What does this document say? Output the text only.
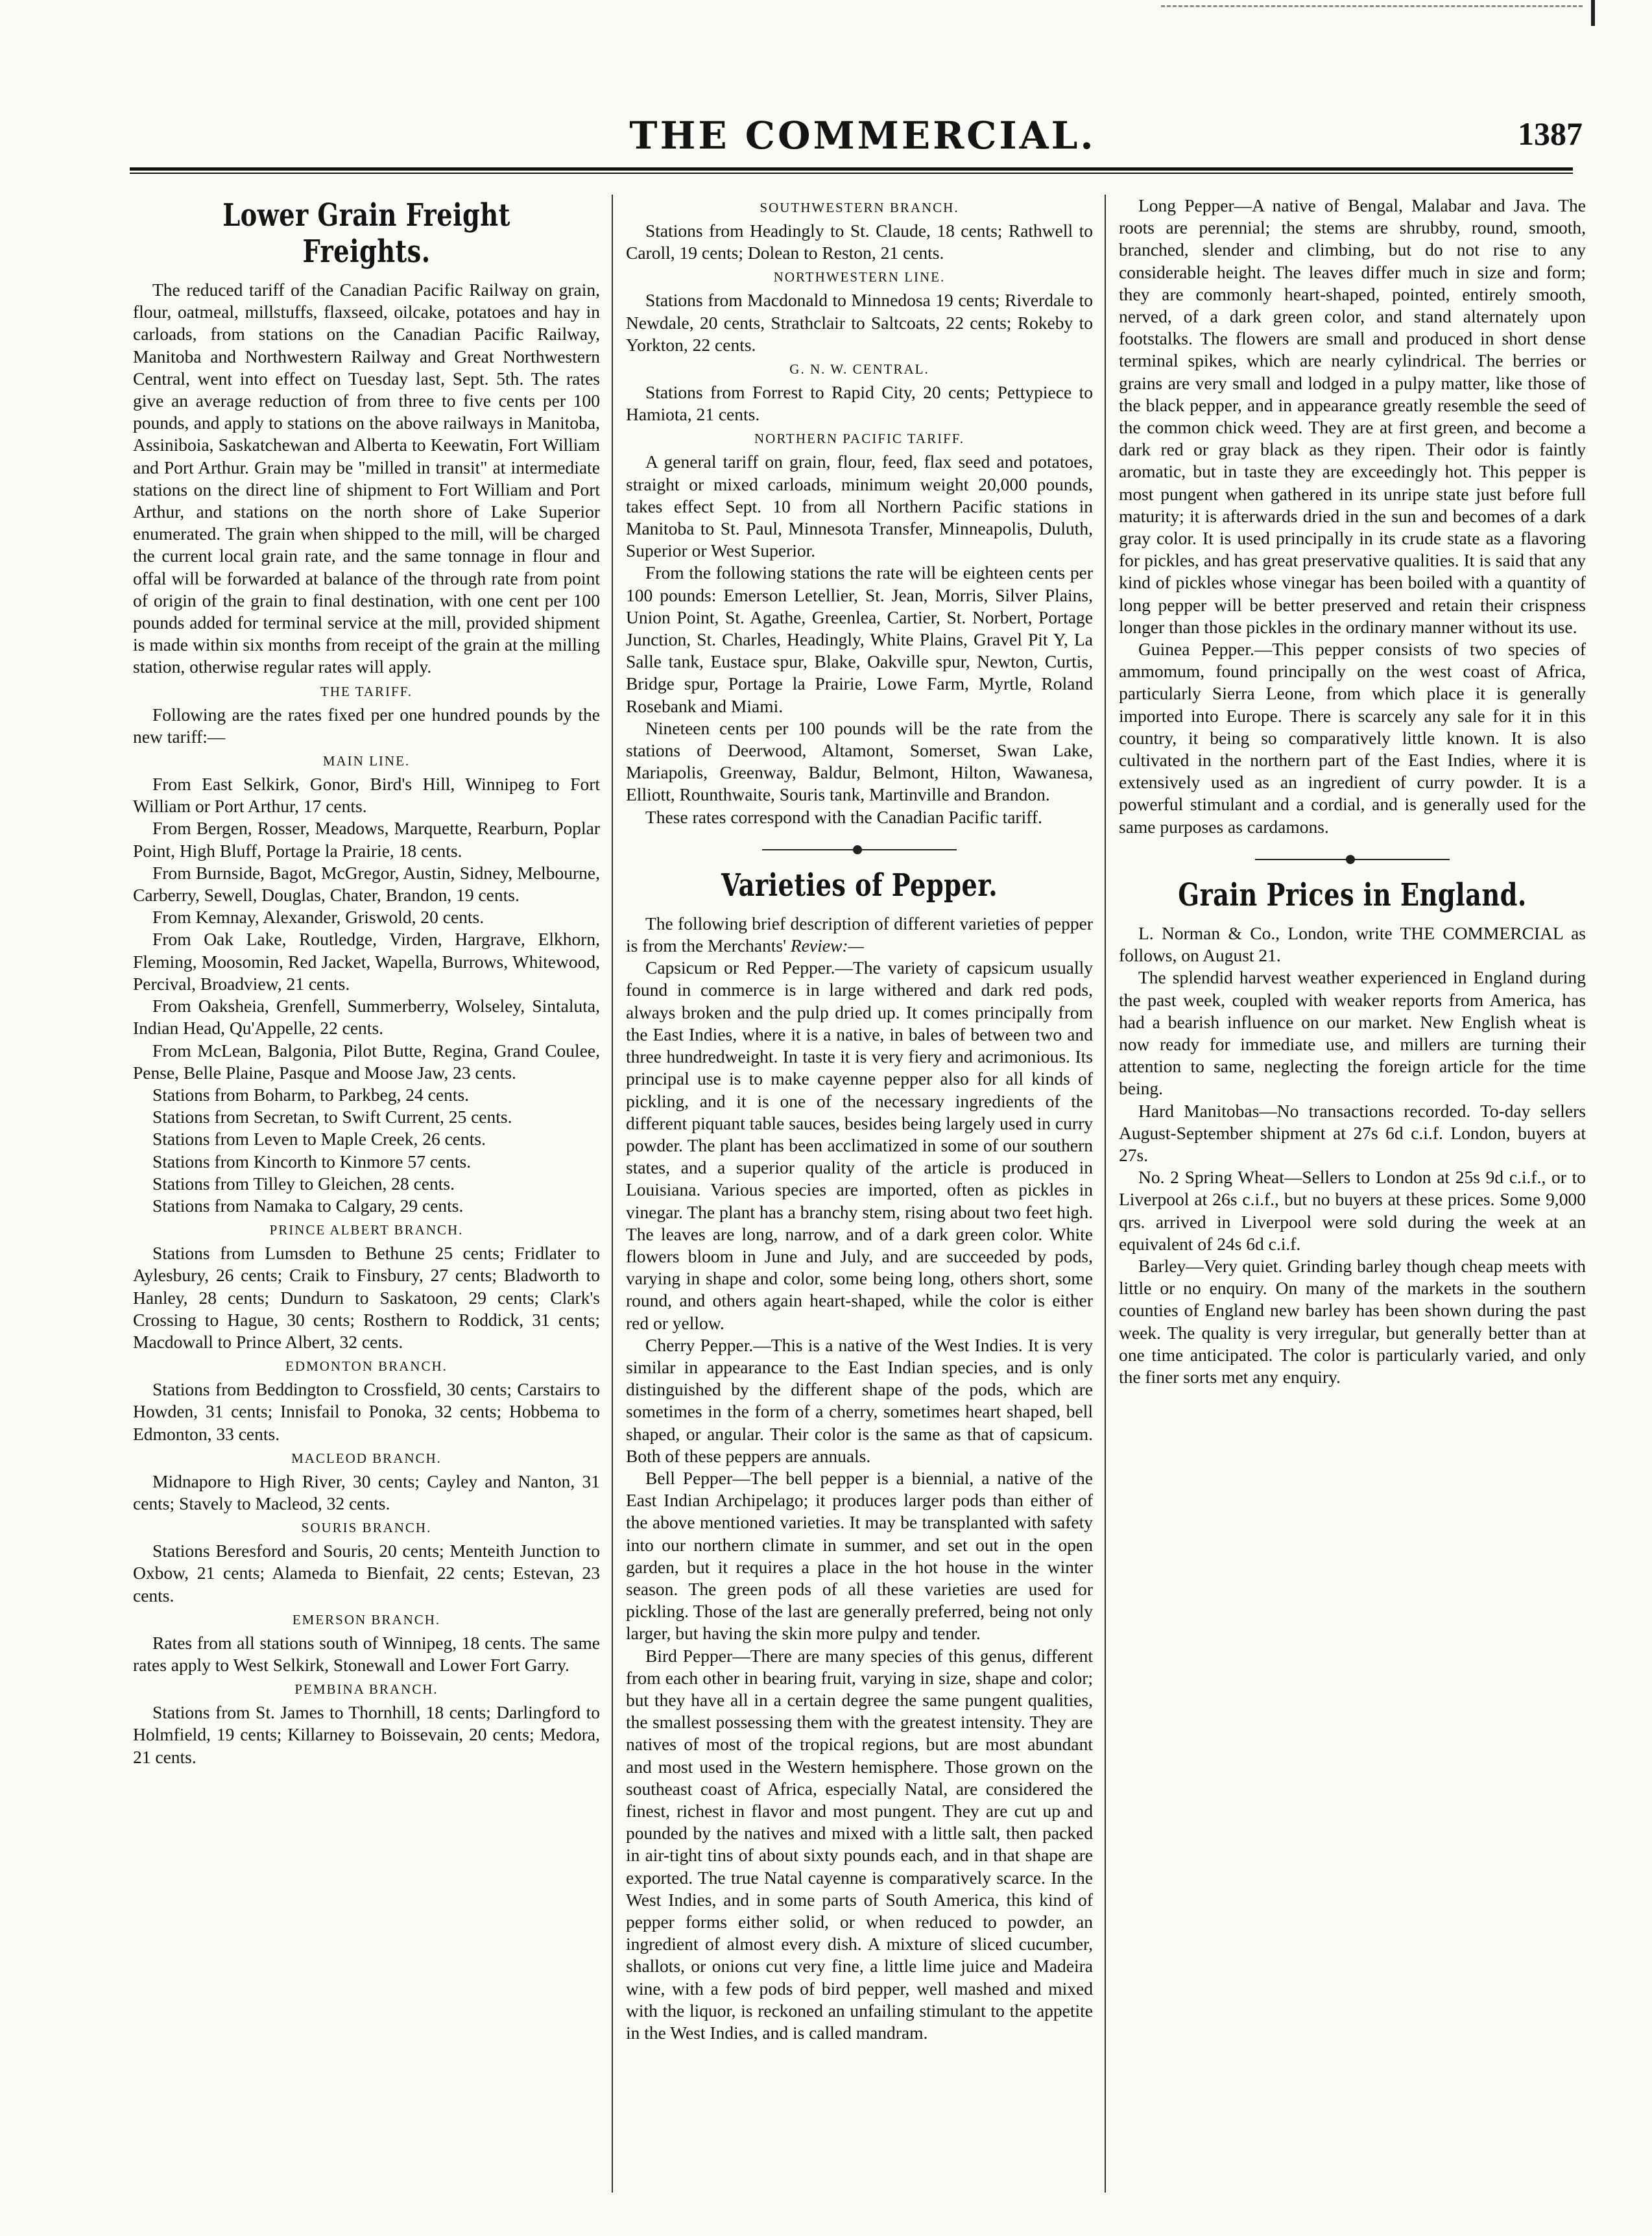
THE COMMERCIAL.	1387
Lower Grain Freight Freights.

The reduced tariff of the Canadian Pacific Railway on grain, flour, oatmeal, millstuffs, flaxseed, oilcake, potatoes and hay in carloads, from stations on the Canadian Pacific Railway, Manitoba and Northwestern Railway and Great Northwestern Central, went into effect on Tuesday last, Sept. 5th. The rates give an average reduction of from three to five cents per 100 pounds, and apply to stations on the above railways in Manitoba, Assiniboia, Saskatchewan and Alberta to Keewatin, Fort William and Port Arthur. Grain may be "milled in transit" at intermediate stations on the direct line of shipment to Fort William and Port Arthur, and stations on the north shore of Lake Superior enumerated. The grain when shipped to the mill, will be charged the current local grain rate, and the same tonnage in flour and offal will be forwarded at balance of the through rate from point of origin of the grain to final destination, with one cent per 100 pounds added for terminal service at the mill, provided shipment is made within six months from receipt of the grain at the milling station, otherwise regular rates will apply.

THE TARIFF.

Following are the rates fixed per one hundred pounds by the new tariff:—

MAIN LINE.

From East Selkirk, Gonor, Bird's Hill, Winnipeg to Fort William or Port Arthur, 17 cents.

From Bergen, Rosser, Meadows, Marquette, Rearburn, Poplar Point, High Bluff, Portage la Prairie, 18 cents.

From Burnside, Bagot, McGregor, Austin, Sidney, Melbourne, Carberry, Sewell, Douglas, Chater, Brandon, 19 cents.

From Kemnay, Alexander, Griswold, 20 cents.

From Oak Lake, Routledge, Virden, Hargrave, Elkhorn, Fleming, Moosomin, Red Jacket, Wapella, Burrows, Whitewood, Percival, Broadview, 21 cents.

From Oaksheia, Grenfell, Summerberry, Wolseley, Sintaluta, Indian Head, Qu'Appelle, 22 cents.

From McLean, Balgonia, Pilot Butte, Regina, Grand Coulee, Pense, Belle Plaine, Pasque and Moose Jaw, 23 cents.

Stations from Boharm, to Parkbeg, 24 cents.

Stations from Secretan, to Swift Current, 25 cents.

Stations from Leven to Maple Creek, 26 cents.

Stations from Kincorth to Kinmore 57 cents.

Stations from Tilley to Gleichen, 28 cents.

Stations from Namaka to Calgary, 29 cents.

PRINCE ALBERT BRANCH.

Stations from Lumsden to Bethune 25 cents; Fridlater to Aylesbury, 26 cents; Craik to Finsbury, 27 cents; Bladworth to Hanley, 28 cents; Dundurn to Saskatoon, 29 cents; Clark's Crossing to Hague, 30 cents; Rosthern to Roddick, 31 cents; Macdowall to Prince Albert, 32 cents.

EDMONTON BRANCH.

Stations from Beddington to Crossfield, 30 cents; Carstairs to Howden, 31 cents; Innisfail to Ponoka, 32 cents; Hobbema to Edmonton, 33 cents.

MACLEOD BRANCH.

Midnapore to High River, 30 cents; Cayley and Nanton, 31 cents; Stavely to Macleod, 32 cents.

SOURIS BRANCH.

Stations Beresford and Souris, 20 cents; Menteith Junction to Oxbow, 21 cents; Alameda to Bienfait, 22 cents; Estevan, 23 cents.

EMERSON BRANCH.

Rates from all stations south of Winnipeg, 18 cents. The same rates apply to West Selkirk, Stonewall and Lower Fort Garry.

PEMBINA BRANCH.

Stations from St. James to Thornhill, 18 cents; Darlingford to Holmfield, 19 cents; Killarney to Boissevain, 20 cents; Medora, 21 cents.

SOUTHWESTERN BRANCH.

Stations from Headingly to St. Claude, 18 cents; Rathwell to Caroll, 19 cents; Dolean to Reston, 21 cents.

NORTHWESTERN LINE.

Stations from Macdonald to Minnedosa 19 cents; Riverdale to Newdale, 20 cents, Strathclair to Saltcoats, 22 cents; Rokeby to Yorkton, 22 cents.

G. N. W. CENTRAL.

Stations from Forrest to Rapid City, 20 cents; Pettypiece to Hamiota, 21 cents.

NORTHERN PACIFIC TARIFF.

A general tariff on grain, flour, feed, flax seed and potatoes, straight or mixed carloads, minimum weight 20,000 pounds, takes effect Sept. 10 from all Northern Pacific stations in Manitoba to St. Paul, Minnesota Transfer, Minneapolis, Duluth, Superior or West Superior.

From the following stations the rate will be eighteen cents per 100 pounds: Emerson Letellier, St. Jean, Morris, Silver Plains, Union Point, St. Agathe, Greenlea, Cartier, St. Norbert, Portage Junction, St. Charles, Headingly, White Plains, Gravel Pit Y, La Salle tank, Eustace spur, Blake, Oakville spur, Newton, Curtis, Bridge spur, Portage la Prairie, Lowe Farm, Myrtle, Roland Rosebank and Miami.

Nineteen cents per 100 pounds will be the rate from the stations of Deerwood, Altamont, Somerset, Swan Lake, Mariapolis, Greenway, Baldur, Belmont, Hilton, Wawanesa, Elliott, Rounthwaite, Souris tank, Martinville and Brandon.

These rates correspond with the Canadian Pacific tariff.

Varieties of Pepper.

The following brief description of different varieties of pepper is from the Merchants' Review:—

Capsicum or Red Pepper.—The variety of capsicum usually found in commerce is in large withered and dark red pods, always broken and the pulp dried up. It comes principally from the East Indies, where it is a native, in bales of between two and three hundredweight. In taste it is very fiery and acrimonious. Its principal use is to make cayenne pepper also for all kinds of pickling, and it is one of the necessary ingredients of the different piquant table sauces, besides being largely used in curry powder. The plant has been acclimatized in some of our southern states, and a superior quality of the article is produced in Louisiana. Various species are imported, often as pickles in vinegar. The plant has a branchy stem, rising about two feet high. The leaves are long, narrow, and of a dark green color. White flowers bloom in June and July, and are succeeded by pods, varying in shape and color, some being long, others short, some round, and others again heart-shaped, while the color is either red or yellow.

Cherry Pepper.—This is a native of the West Indies. It is very similar in appearance to the East Indian species, and is only distinguished by the different shape of the pods, which are sometimes in the form of a cherry, sometimes heart shaped, bell shaped, or angular. Their color is the same as that of capsicum. Both of these peppers are annuals.

Bell Pepper—The bell pepper is a biennial, a native of the East Indian Archipelago; it produces larger pods than either of the above mentioned varieties. It may be transplanted with safety into our northern climate in summer, and set out in the open garden, but it requires a place in the hot house in the winter season. The green pods of all these varieties are used for pickling. Those of the last are generally preferred, being not only larger, but having the skin more pulpy and tender.

Bird Pepper—There are many species of this genus, different from each other in bearing fruit, varying in size, shape and color; but they have all in a certain degree the same pungent qualities, the smallest possessing them with the greatest intensity. They are natives of most of the tropical regions, but are most abundant and most used in the Western hemisphere. Those grown on the southeast coast of Africa, especially Natal, are considered the finest, richest in flavor and most pungent. They are cut up and pounded by the natives and mixed with a little salt, then packed in air-tight tins of about sixty pounds each, and in that shape are exported. The true Natal cayenne is comparatively scarce. In the West Indies, and in some parts of South America, this kind of pepper forms either solid, or when reduced to powder, an ingredient of almost every dish. A mixture of sliced cucumber, shallots, or onions cut very fine, a little lime juice and Madeira wine, with a few pods of bird pepper, well mashed and mixed with the liquor, is reckoned an unfailing stimulant to the appetite in the West Indies, and is called mandram.

Long Pepper—A native of Bengal, Malabar and Java. The roots are perennial; the stems are shrubby, round, smooth, branched, slender and climbing, but do not rise to any considerable height. The leaves differ much in size and form; they are commonly heart-shaped, pointed, entirely smooth, nerved, of a dark green color, and stand alternately upon footstalks. The flowers are small and produced in short dense terminal spikes, which are nearly cylindrical. The berries or grains are very small and lodged in a pulpy matter, like those of the black pepper, and in appearance greatly resemble the seed of the common chick weed. They are at first green, and become a dark red or gray black as they ripen. Their odor is faintly aromatic, but in taste they are exceedingly hot. This pepper is most pungent when gathered in its unripe state just before full maturity; it is afterwards dried in the sun and becomes of a dark gray color. It is used principally in its crude state as a flavoring for pickles, and has great preservative qualities. It is said that any kind of pickles whose vinegar has been boiled with a quantity of long pepper will be better preserved and retain their crispness longer than those pickles in the ordinary manner without its use.

Guinea Pepper.—This pepper consists of two species of ammomum, found principally on the west coast of Africa, particularly Sierra Leone, from which place it is generally imported into Europe. There is scarcely any sale for it in this country, it being so comparatively little known. It is also cultivated in the northern part of the East Indies, where it is extensively used as an ingredient of curry powder. It is a powerful stimulant and a cordial, and is generally used for the same purposes as cardamons.

Grain Prices in England.

L. Norman & Co., London, write THE COMMERCIAL as follows, on August 21.

The splendid harvest weather experienced in England during the past week, coupled with weaker reports from America, has had a bearish influence on our market. New English wheat is now ready for immediate use, and millers are turning their attention to same, neglecting the foreign article for the time being.

Hard Manitobas—No transactions recorded. To-day sellers August-September shipment at 27s 6d c.i.f. London, buyers at 27s.

No. 2 Spring Wheat—Sellers to London at 25s 9d c.i.f., or to Liverpool at 26s c.i.f., but no buyers at these prices. Some 9,000 qrs. arrived in Liverpool were sold during the week at an equivalent of 24s 6d c.i.f.

Barley—Very quiet. Grinding barley though cheap meets with little or no enquiry. On many of the markets in the southern counties of England new barley has been shown during the past week. The quality is very irregular, but generally better than at one time anticipated. The color is particularly varied, and only the finer sorts met any enquiry.
